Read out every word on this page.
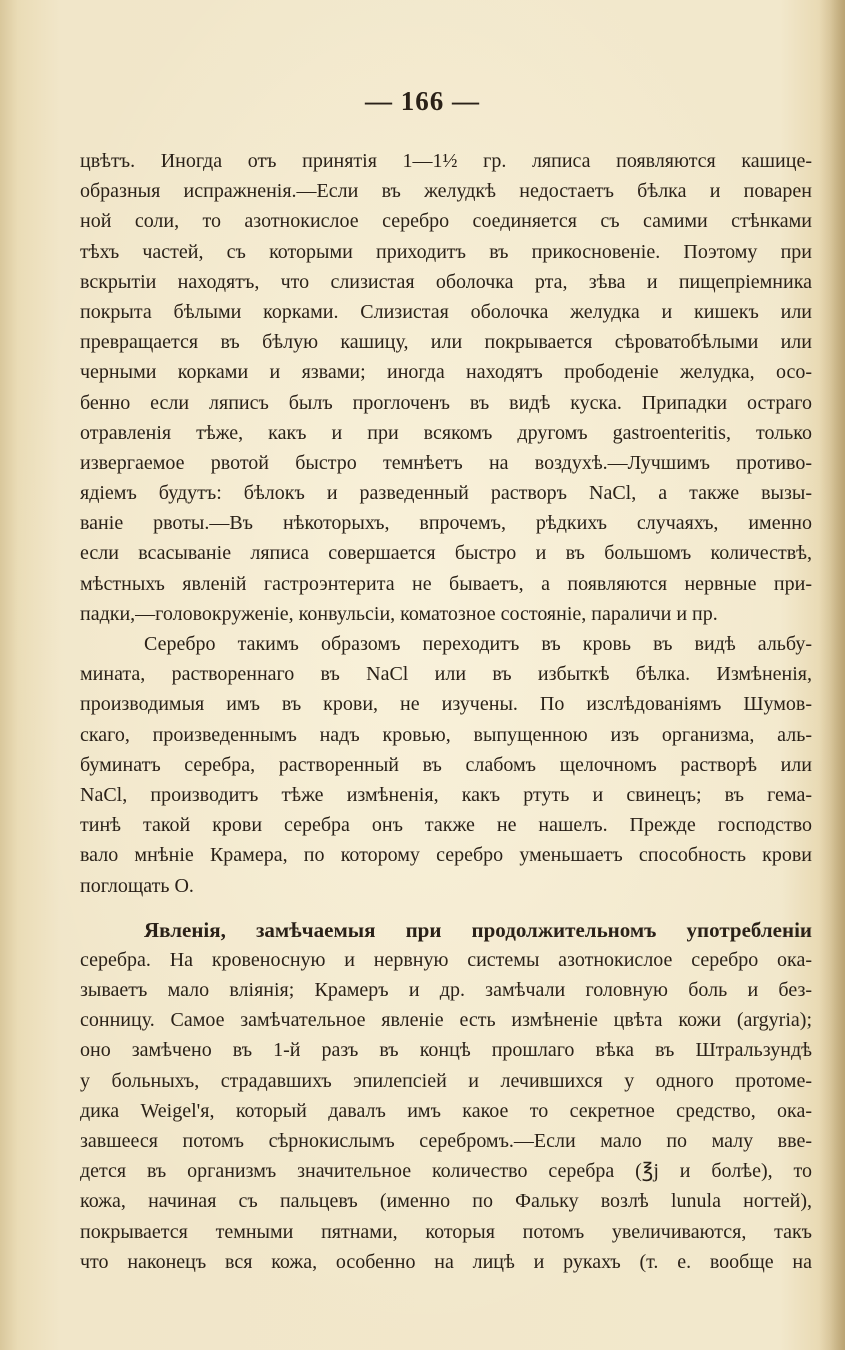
— 166 —
цвѣтъ. Иногда отъ принятія 1—1½ гр. ляписа появляются кашице-
образныя испражненія.—Если въ желудкѣ недостаетъ бѣлка и поварен
ной соли, то азотнокислое серебро соединяется съ самими стѣнками
тѣхъ частей, съ которыми приходитъ въ прикосновеніе. Поэтому при
вскрытіи находятъ, что слизистая оболочка рта, зѣва и пищепріемника
покрыта бѣлыми корками. Слизистая оболочка желудка и кишекъ или
превращается въ бѣлую кашицу, или покрывается сѣроватобѣлыми или
черными корками и язвами; иногда находятъ прободеніе желудка, осо-
бенно если ляписъ былъ проглоченъ въ видѣ куска. Припадки остраго
отравленія тѣже, какъ и при всякомъ другомъ gastroenteritis, только
извергаемое рвотой быстро темнѣетъ на воздухѣ.—Лучшимъ противо-
ядіемъ будутъ: бѣлокъ и разведенный растворъ NaCl, а также вызы-
ваніе рвоты.—Въ нѣкоторыхъ, впрочемъ, рѣдкихъ случаяхъ, именно
если всасываніе ляписа совершается быстро и въ большомъ количествѣ,
мѣстныхъ явленій гастроэнтерита не бываетъ, а появляются нервные при-
падки,—головокруженіе, конвульсіи, коматозное состояніе, параличи и пр.
Серебро такимъ образомъ переходитъ въ кровь въ видѣ альбу-
мината, раствореннаго въ NaCl или въ избыткѣ бѣлка. Измѣненія,
производимыя имъ въ крови, не изучены. По изслѣдованіямъ Шумов-
скаго, произведеннымъ надъ кровью, выпущенною изъ организма, аль-
буминатъ серебра, растворенный въ слабомъ щелочномъ растворѣ или
NaCl, производитъ тѣже измѣненія, какъ ртуть и свинецъ; въ гема-
тинѣ такой крови серебра онъ также не нашелъ. Прежде господство
вало мнѣніе Крамера, по которому серебро уменьшаетъ способность крови
поглощать O.
Явленія, замѣчаемыя при продолжительномъ употребленіи
серебра. На кровеносную и нервную системы азотнокислое серебро ока-
зываетъ мало вліянія; Крамеръ и др. замѣчали головную боль и без-
сонницу. Самое замѣчательное явленіе есть измѣненіе цвѣта кожи (argyria);
оно замѣчено въ 1-й разъ въ концѣ прошлаго вѣка въ Штральзундѣ
у больныхъ, страдавшихъ эпилепсіей и лечившихся у одного протоме-
дика Weigel'я, который давалъ имъ какое то секретное средство, ока-
завшееся потомъ сѣрнокислымъ серебромъ.—Если мало по малу вве-
дется въ организмъ значительное количество серебра (℥j и болѣе), то
кожа, начиная съ пальцевъ (именно по Фальку возлѣ lunula ногтей),
покрывается темными пятнами, которыя потомъ увеличиваются, такъ
что наконецъ вся кожа, особенно на лицѣ и рукахъ (т. е. вообще на
